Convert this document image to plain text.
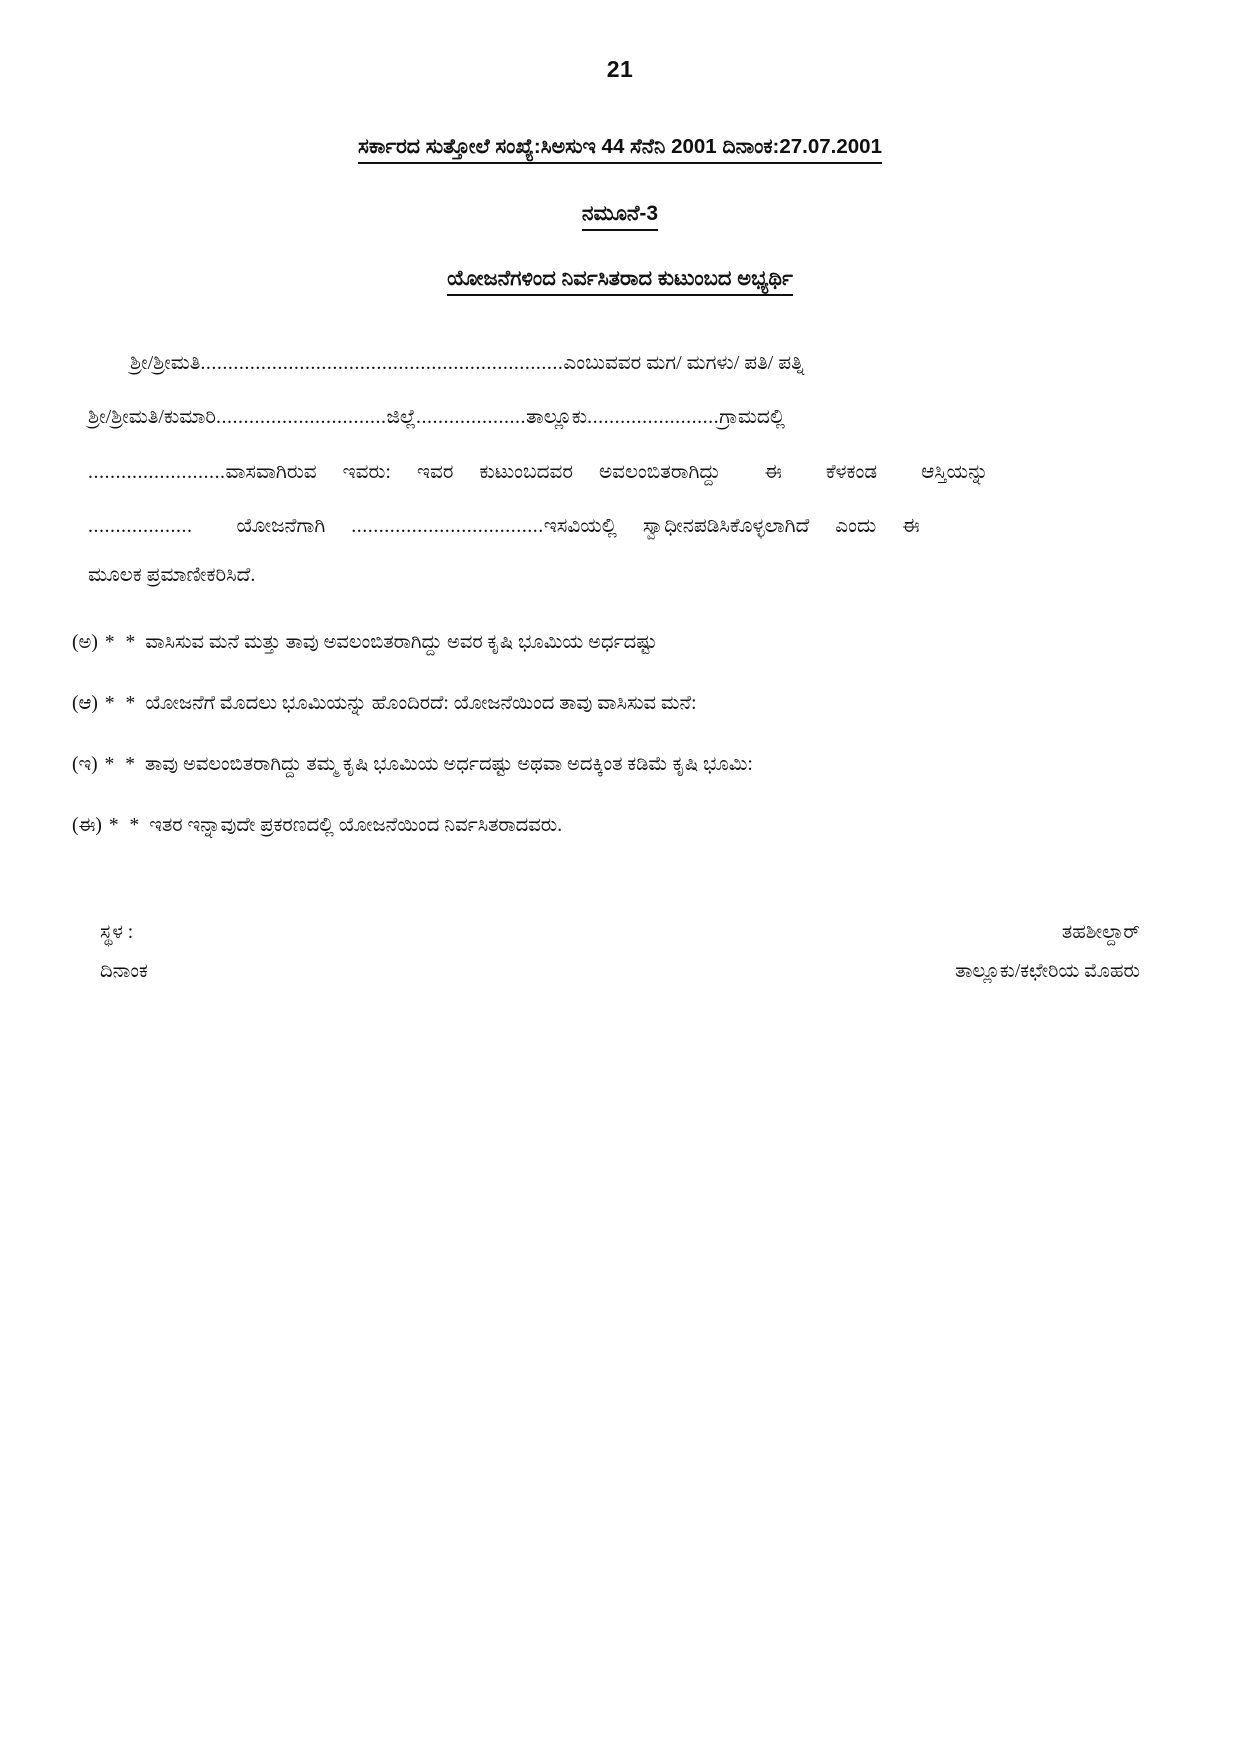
21
ಸರ್ಕಾರದ ಸುತ್ತೋಲೆ ಸಂಖ್ಯೆ:ಸಿಅಸುಇ 44 ಸೆನೆನಿ 2001 ದಿನಾಂಕ:27.07.2001
ನಮೂನೆ-3
ಯೋಜನೆಗಳಿಂದ ನಿರ್ವಸಿತರಾದ ಕುಟುಂಬದ ಅಭ್ಯರ್ಥಿ
ಶ್ರೀ/ಶ್ರೀಮತಿ..................................................................ಎಂಬುವವರ ಮಗ/ ಮಗಳು/ ಪತಿ/ ಪತ್ನಿ
ಶ್ರೀ/ಶ್ರೀಮತಿ/ಕುಮಾರಿ...............................ಜಿಲ್ಲೆ....................ತಾಲ್ಲೂಕು........................ಗ್ರಾಮದಲ್ಲಿ
.........................ವಾಸವಾಗಿರುವ ಇವರು: ಇವರ ಕುಟುಂಬದವರ ಅವಲಂಬಿತರಾಗಿದ್ದು ಈ ಕೆಳಕಂಡ ಆಸ್ತಿಯನ್ನು
................... ಯೋಜನೆಗಾಗಿ ...................................ಇಸವಿಯಲ್ಲಿ ಸ್ವಾಧೀನಪಡಿಸಿಕೊಳ್ಳಲಾಗಿದೆ ಎಂದು ಈ
ಮೂಲಕ ಪ್ರಮಾಣೀಕರಿಸಿದೆ.
(ಅ) * * ವಾಸಿಸುವ ಮನೆ ಮತ್ತು ತಾವು ಅವಲಂಬಿತರಾಗಿದ್ದು ಅವರ ಕೃಷಿ ಭೂಮಿಯ ಅರ್ಧದಷ್ಟು
(ಆ) * * ಯೋಜನೆಗೆ ಮೊದಲು ಭೂಮಿಯನ್ನು ಹೊಂದಿರದೆ: ಯೋಜನೆಯಿಂದ ತಾವು ವಾಸಿಸುವ ಮನೆ:
(ಇ) * * ತಾವು ಅವಲಂಬಿತರಾಗಿದ್ದು ತಮ್ಮ ಕೃಷಿ ಭೂಮಿಯ ಅರ್ಧದಷ್ಟು ಅಥವಾ ಅದಕ್ಕಿಂತ ಕಡಿಮೆ ಕೃಷಿ ಭೂಮಿ:
(ಈ) * * ಇತರ ಇನ್ನಾವುದೇ ಪ್ರಕರಣದಲ್ಲಿ ಯೋಜನೆಯಿಂದ ನಿರ್ವಸಿತರಾದವರು.
ಸ್ಥಳ :
ದಿನಾಂಕ
ತಹಶೀಲ್ದಾರ್
ತಾಲ್ಲೂಕು/ಕಛೇರಿಯ ಮೊಹರು
